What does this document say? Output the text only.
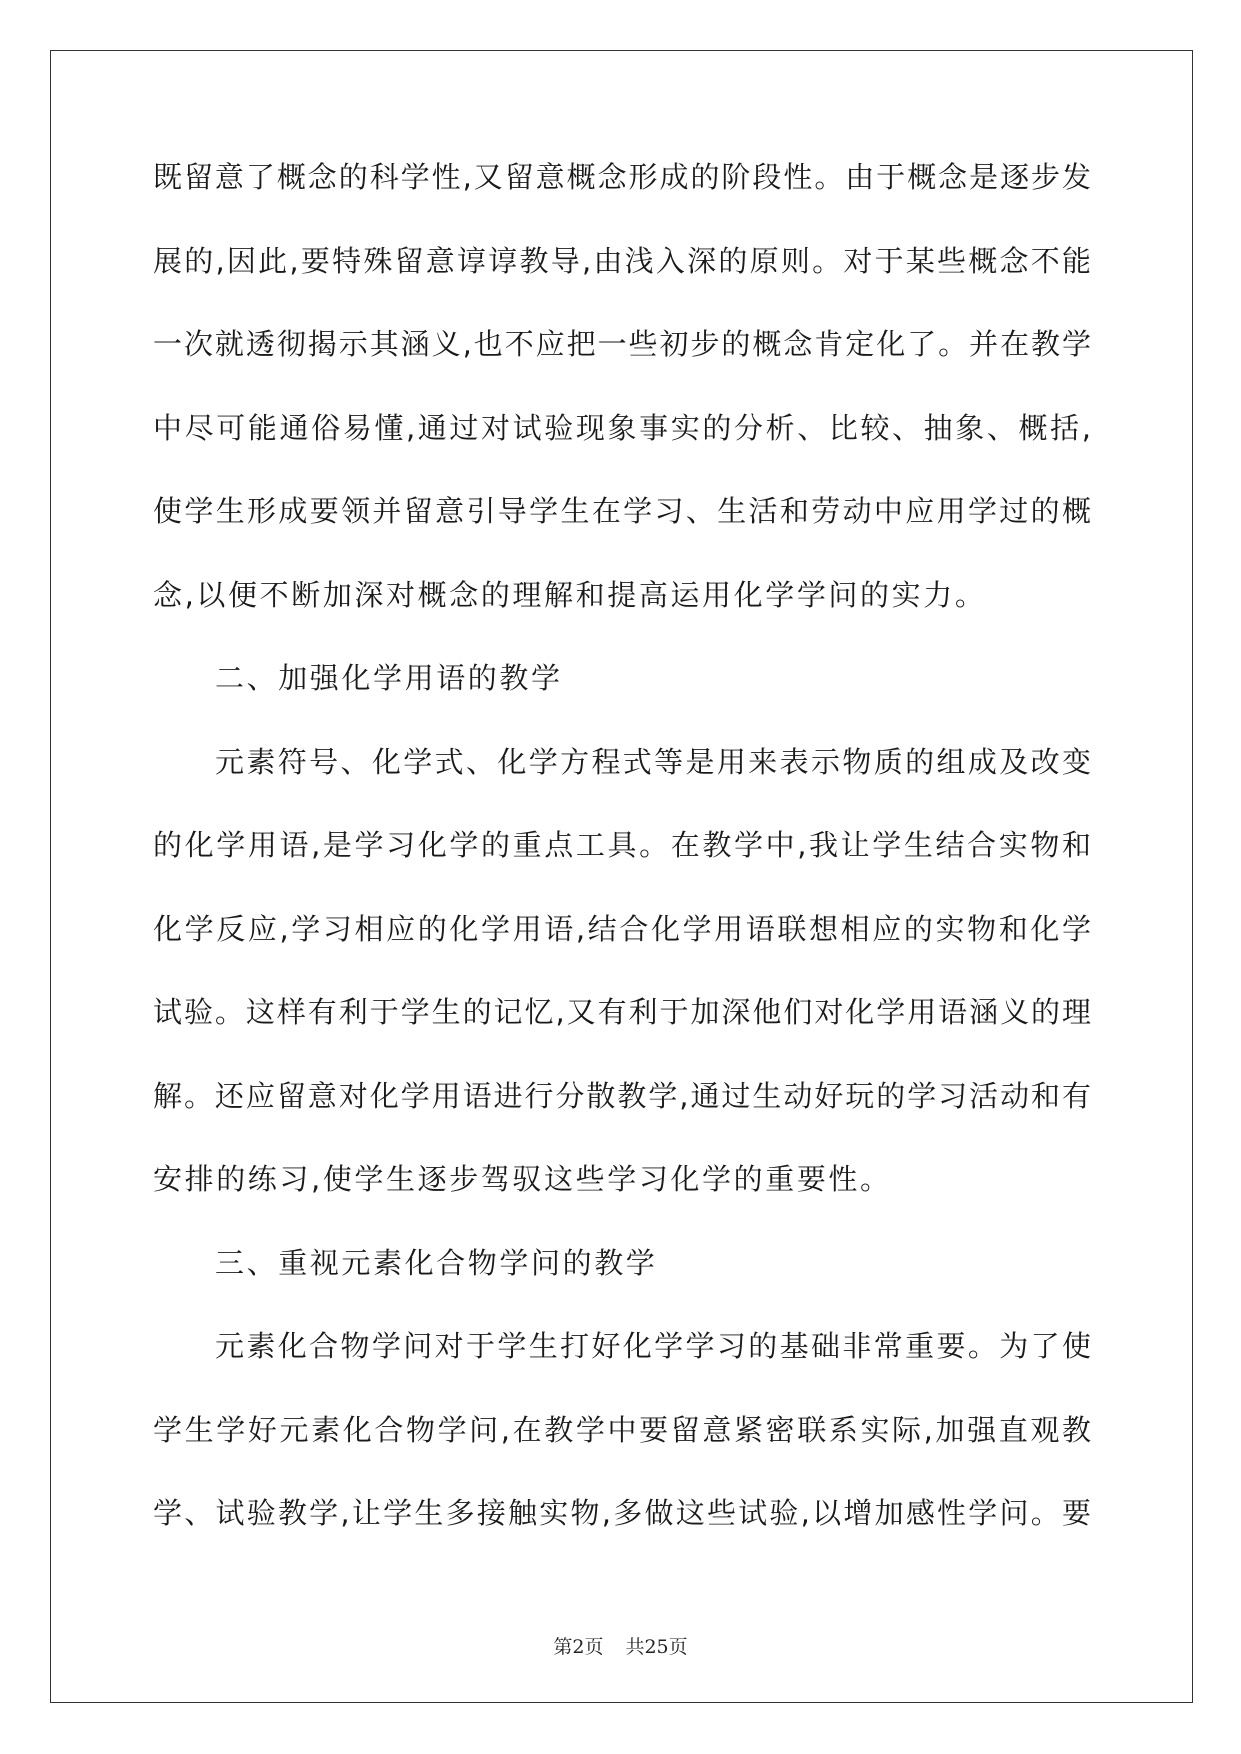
既留意了概念的科学性,又留意概念形成的阶段性。由于概念是逐步发
展的,因此,要特殊留意谆谆教导,由浅入深的原则。对于某些概念不能
一次就透彻揭示其涵义,也不应把一些初步的概念肯定化了。并在教学
中尽可能通俗易懂,通过对试验现象事实的分析、比较、抽象、概括,
使学生形成要领并留意引导学生在学习、生活和劳动中应用学过的概
念,以便不断加深对概念的理解和提高运用化学学问的实力。
二、加强化学用语的教学
元素符号、化学式、化学方程式等是用来表示物质的组成及改变
的化学用语,是学习化学的重点工具。在教学中,我让学生结合实物和
化学反应,学习相应的化学用语,结合化学用语联想相应的实物和化学
试验。这样有利于学生的记忆,又有利于加深他们对化学用语涵义的理
解。还应留意对化学用语进行分散教学,通过生动好玩的学习活动和有
安排的练习,使学生逐步驾驭这些学习化学的重要性。
三、重视元素化合物学问的教学
元素化合物学问对于学生打好化学学习的基础非常重要。为了使
学生学好元素化合物学问,在教学中要留意紧密联系实际,加强直观教
学、试验教学,让学生多接触实物,多做这些试验,以增加感性学问。要
第2页 共25页
